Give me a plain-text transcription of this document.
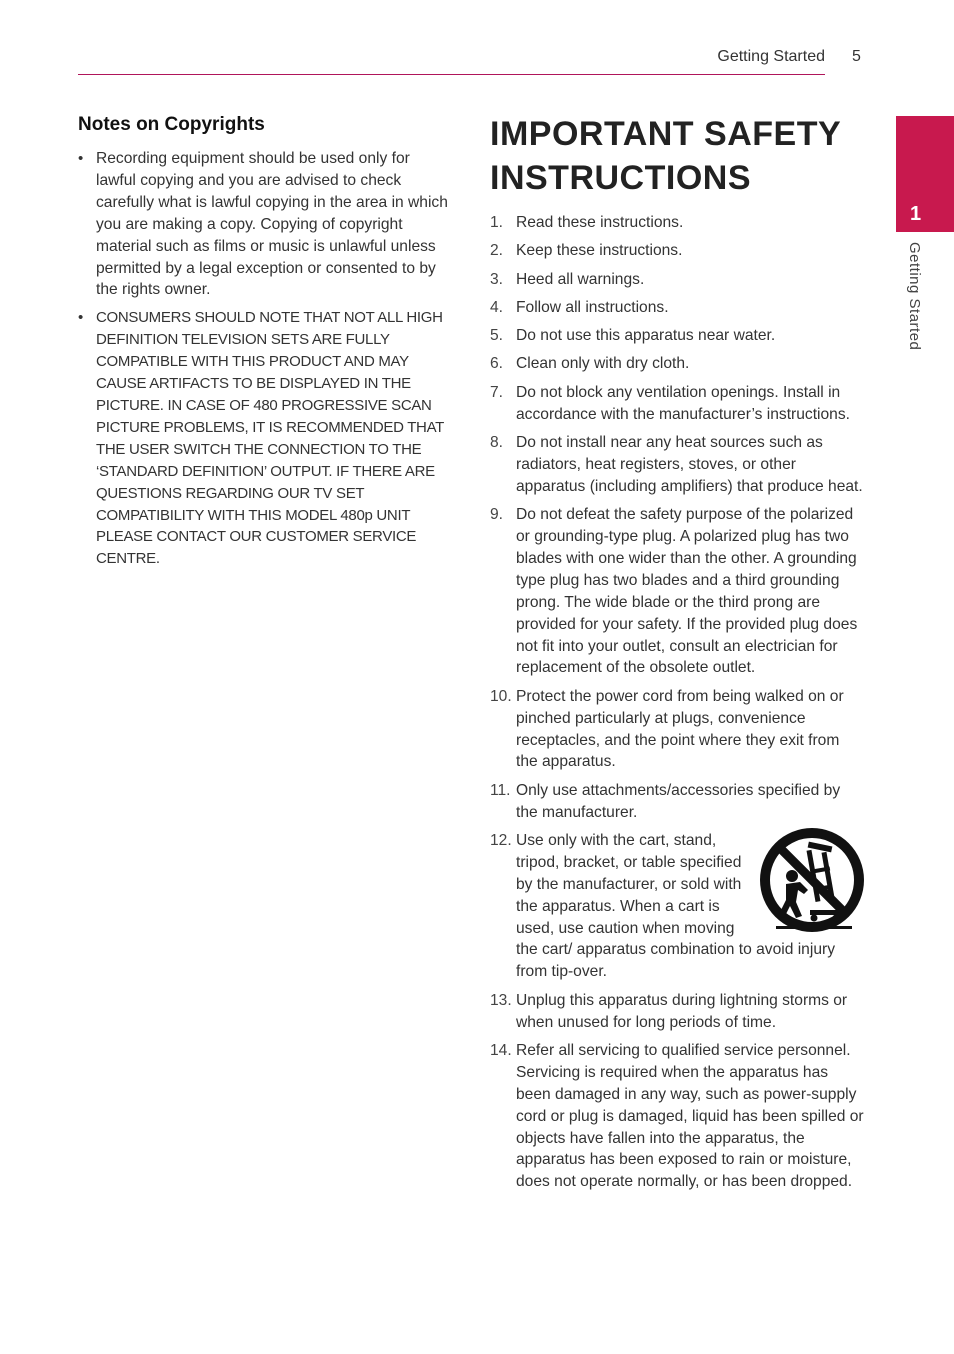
Getting Started 5
1
Getting Started
Notes on Copyrights
• Recording equipment should be used only for lawful copying and you are advised to check carefully what is lawful copying in the area in which you are making a copy. Copying of copyright material such as films or music is unlawful unless permitted by a legal exception or consented to by the rights owner.
• CONSUMERS SHOULD NOTE THAT NOT ALL HIGH DEFINITION TELEVISION SETS ARE FULLY COMPATIBLE WITH THIS PRODUCT AND MAY CAUSE ARTIFACTS TO BE DISPLAYED IN THE PICTURE. IN CASE OF 480 PROGRESSIVE SCAN PICTURE PROBLEMS, IT IS RECOMMENDED THAT THE USER SWITCH THE CONNECTION TO THE ‘STANDARD DEFINITION’ OUTPUT. IF THERE ARE QUESTIONS REGARDING OUR TV SET COMPATIBILITY WITH THIS MODEL 480p UNIT PLEASE CONTACT OUR CUSTOMER SERVICE CENTRE.
IMPORTANT SAFETY INSTRUCTIONS
1. Read these instructions.
2. Keep these instructions.
3. Heed all warnings.
4. Follow all instructions.
5. Do not use this apparatus near water.
6. Clean only with dry cloth.
7. Do not block any ventilation openings. Install in accordance with the manufacturer’s instructions.
8. Do not install near any heat sources such as radiators, heat registers, stoves, or other apparatus (including amplifiers) that produce heat.
9. Do not defeat the safety purpose of the polarized or grounding-type plug. A polarized plug has two blades with one wider than the other. A grounding type plug has two blades and a third grounding prong. The wide blade or the third prong are provided for your safety. If the provided plug does not fit into your outlet, consult an electrician for replacement of the obsolete outlet.
10. Protect the power cord from being walked on or pinched particularly at plugs, convenience receptacles, and the point where they exit from the apparatus.
11. Only use attachments/accessories specified by the manufacturer.
12. Use only with the cart, stand, tripod, bracket, or table specified by the manufacturer, or sold with the apparatus. When a cart is used, use caution when moving the cart/ apparatus combination to avoid injury from tip-over.
13. Unplug this apparatus during lightning storms or when unused for long periods of time.
14. Refer all servicing to qualified service personnel. Servicing is required when the apparatus has been damaged in any way, such as power-supply cord or plug is damaged, liquid has been spilled or objects have fallen into the apparatus, the apparatus has been exposed to rain or moisture, does not operate normally, or has been dropped.
